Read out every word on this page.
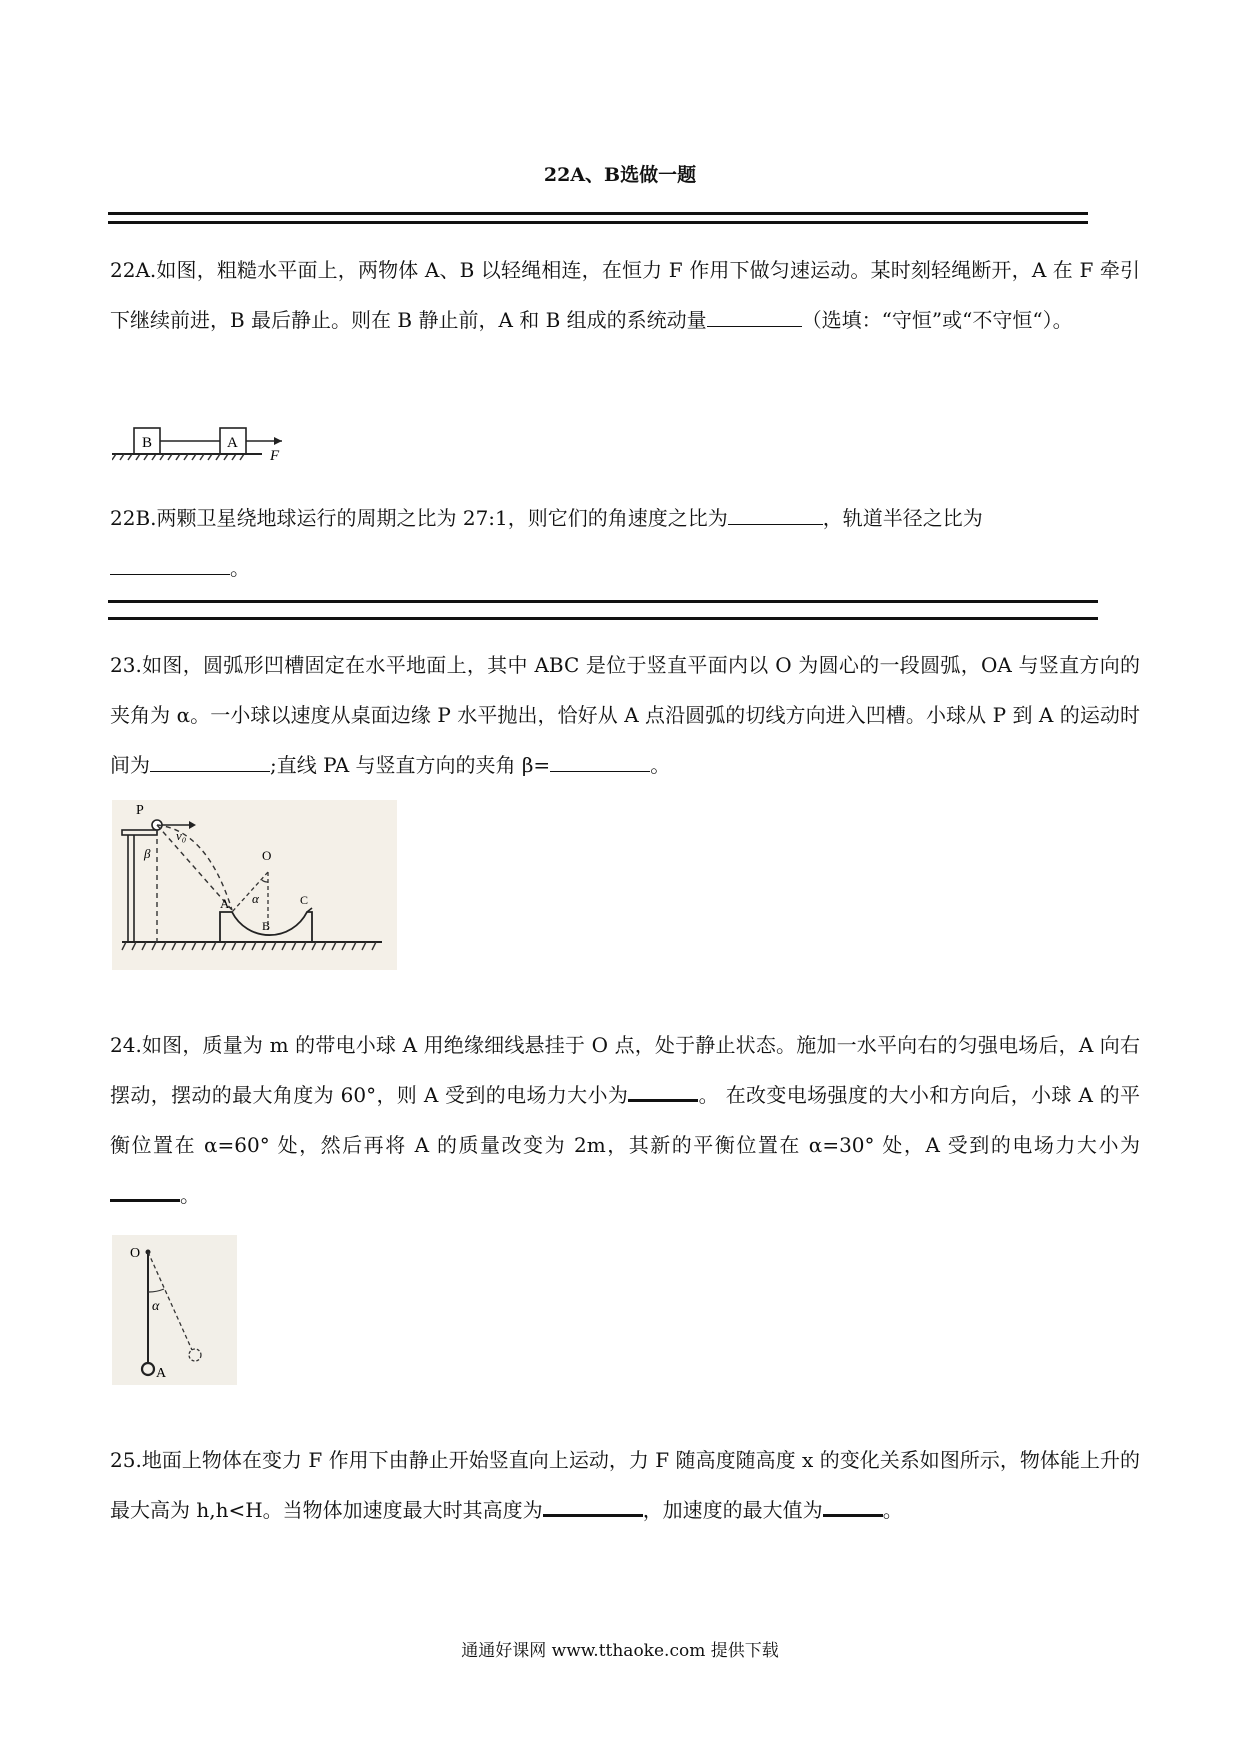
22A、B选做一题
22A.如图，粗糙水平面上，两物体 A、B 以轻绳相连，在恒力 F 作用下做匀速运动。某时刻轻绳断开，A 在 F 牵引下继续前进，B 最后静止。则在 B 静止前，A 和 B 组成的系统动量	（选填：“守恒”或“不守恒“）。
B	A
F
22B.两颗卫星绕地球运行的周期之比为 27:1，则它们的角速度之比为	，轨道半径之比为
。
23.如图，圆弧形凹槽固定在水平地面上，其中 ABC 是位于竖直平面内以 O 为圆心的一段圆弧，OA 与竖直方向的夹角为 α。一小球以速度从桌面边缘 P 水平抛出，恰好从 A 点沿圆弧的切线方向进入凹槽。小球从 P 到 A 的运动时间为	;直线 PA 与竖直方向的夹角 β=	。
P
v₀
β	O
A α
B
C
24.如图，质量为 m 的带电小球 A 用绝缘细线悬挂于 O 点，处于静止状态。施加一水平向右的匀强电场后，A 向右摆动，摆动的最大角度为 60°，则 A 受到的电场力大小为	。 在改变电场强度的大小和方向后，小球 A 的平衡位置在 α=60° 处，然后再将 A 的质量改变为 2m，其新的平衡位置在 α=30° 处，A 受到的电场力大小为。
O
α
A
25.地面上物体在变力 F 作用下由静止开始竖直向上运动，力 F 随高度随高度 x 的变化关系如图所示，物体能上升的最大高为 h,h<H。当物体加速度最大时其高度为	，加速度的最大值为	。
通通好课网 www.tthaoke.com 提供下载
